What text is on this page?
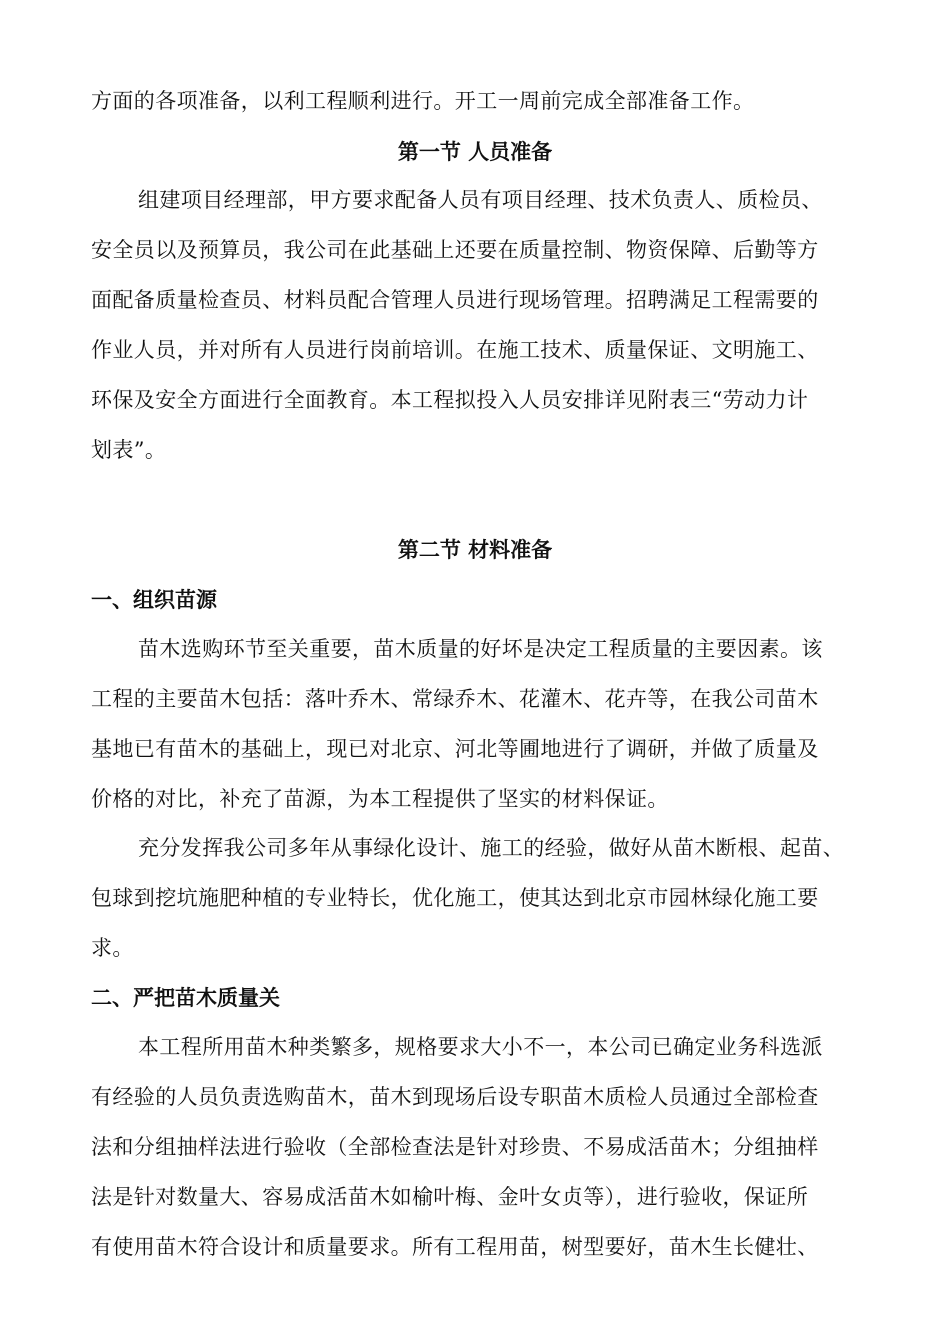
方面的各项准备，以利工程顺利进行。开工一周前完成全部准备工作。
第一节 人员准备
组建项目经理部，甲方要求配备人员有项目经理、技术负责人、质检员、
安全员以及预算员，我公司在此基础上还要在质量控制、物资保障、后勤等方
面配备质量检查员、材料员配合管理人员进行现场管理。招聘满足工程需要的
作业人员，并对所有人员进行岗前培训。在施工技术、质量保证、文明施工、
环保及安全方面进行全面教育。本工程拟投入人员安排详见附表三“劳动力计
划表”。
第二节 材料准备
一、组织苗源
苗木选购环节至关重要，苗木质量的好坏是决定工程质量的主要因素。该
工程的主要苗木包括：落叶乔木、常绿乔木、花灌木、花卉等，在我公司苗木
基地已有苗木的基础上，现已对北京、河北等圃地进行了调研，并做了质量及
价格的对比，补充了苗源，为本工程提供了坚实的材料保证。
充分发挥我公司多年从事绿化设计、施工的经验，做好从苗木断根、起苗、
包球到挖坑施肥种植的专业特长，优化施工，使其达到北京市园林绿化施工要
求。
二、严把苗木质量关
本工程所用苗木种类繁多，规格要求大小不一，本公司已确定业务科选派
有经验的人员负责选购苗木，苗木到现场后设专职苗木质检人员通过全部检查
法和分组抽样法进行验收（全部检查法是针对珍贵、不易成活苗木；分组抽样
法是针对数量大、容易成活苗木如榆叶梅、金叶女贞等），进行验收，保证所
有使用苗木符合设计和质量要求。所有工程用苗，树型要好，苗木生长健壮、
